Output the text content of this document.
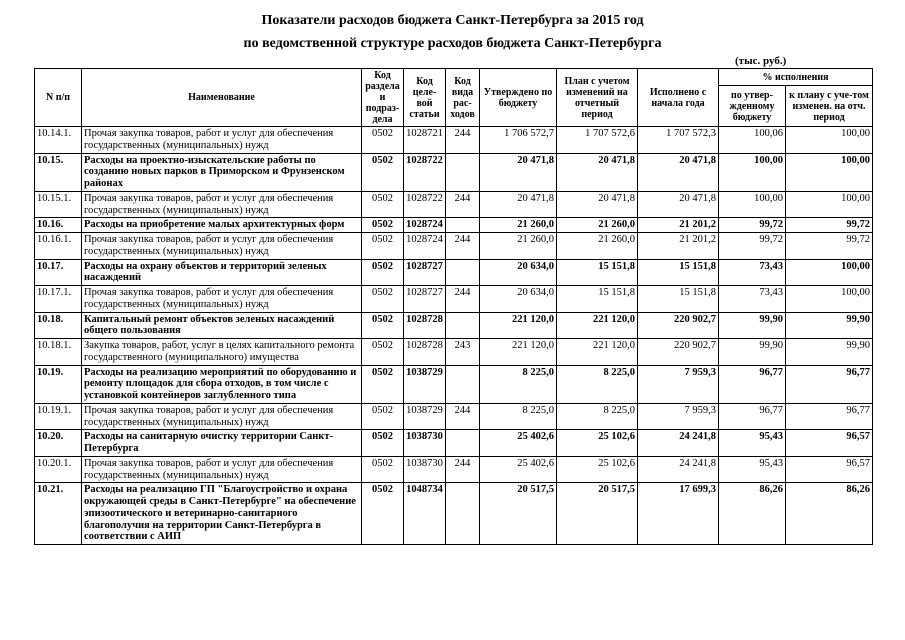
Показатели расходов бюджета Санкт-Петербурга за 2015 год
по ведомственной структуре расходов бюджета Санкт-Петербурга
(тыс. руб.)
N п/п	Наименование	Код раздела и подраз-дела	Код целе-вой статьи	Код вида рас-ходов	Утверждено по бюджету	План с учетом изменений на отчетный период	Исполнено с начала года	% исполнения	
								по утвер-жденному бюджету	к плану с уче-том изменен. на отч. период
10.14.1.	Прочая закупка товаров, работ и услуг для обеспечения государственных (муниципальных) нужд	0502	1028721	244	1 706 572,7	1 707 572,6	1 707 572,3	100,06	100,00
10.15.	Расходы на проектно-изыскательские работы по созданию новых парков в Приморском и Фрунзенском районах	0502	1028722		20 471,8	20 471,8	20 471,8	100,00	100,00
10.15.1.	Прочая закупка товаров, работ и услуг для обеспечения государственных (муниципальных) нужд	0502	1028722	244	20 471,8	20 471,8	20 471,8	100,00	100,00
10.16.	Расходы на приобретение малых архитектурных форм	0502	1028724		21 260,0	21 260,0	21 201,2	99,72	99,72
10.16.1.	Прочая закупка товаров, работ и услуг для обеспечения государственных (муниципальных) нужд	0502	1028724	244	21 260,0	21 260,0	21 201,2	99,72	99,72
10.17.	Расходы на охрану объектов и территорий зеленых насаждений	0502	1028727		20 634,0	15 151,8	15 151,8	73,43	100,00
10.17.1.	Прочая закупка товаров, работ и услуг для обеспечения государственных (муниципальных) нужд	0502	1028727	244	20 634,0	15 151,8	15 151,8	73,43	100,00
10.18.	Капитальный ремонт объектов зеленых насаждений общего пользования	0502	1028728		221 120,0	221 120,0	220 902,7	99,90	99,90
10.18.1.	Закупка товаров, работ, услуг в целях капитального ремонта государственного (муниципального) имущества	0502	1028728	243	221 120,0	221 120,0	220 902,7	99,90	99,90
10.19.	Расходы на реализацию мероприятий по оборудованию и ремонту площадок для сбора отходов, в том числе с установкой контейнеров заглубленного типа	0502	1038729		8 225,0	8 225,0	7 959,3	96,77	96,77
10.19.1.	Прочая закупка товаров, работ и услуг для обеспечения государственных (муниципальных) нужд	0502	1038729	244	8 225,0	8 225,0	7 959,3	96,77	96,77
10.20.	Расходы на санитарную очистку территории Санкт-Петербурга	0502	1038730		25 402,6	25 102,6	24 241,8	95,43	96,57
10.20.1.	Прочая закупка товаров, работ и услуг для обеспечения государственных (муниципальных) нужд	0502	1038730	244	25 402,6	25 102,6	24 241,8	95,43	96,57
10.21.	Расходы на реализацию ГП "Благоустройство и охрана окружающей среды в Санкт-Петербурге" на обеспечение эпизоотического и ветеринарно-санитарного благополучия на территории Санкт-Петербурга в соответствии с АИП	0502	1048734		20 517,5	20 517,5	17 699,3	86,26	86,26
